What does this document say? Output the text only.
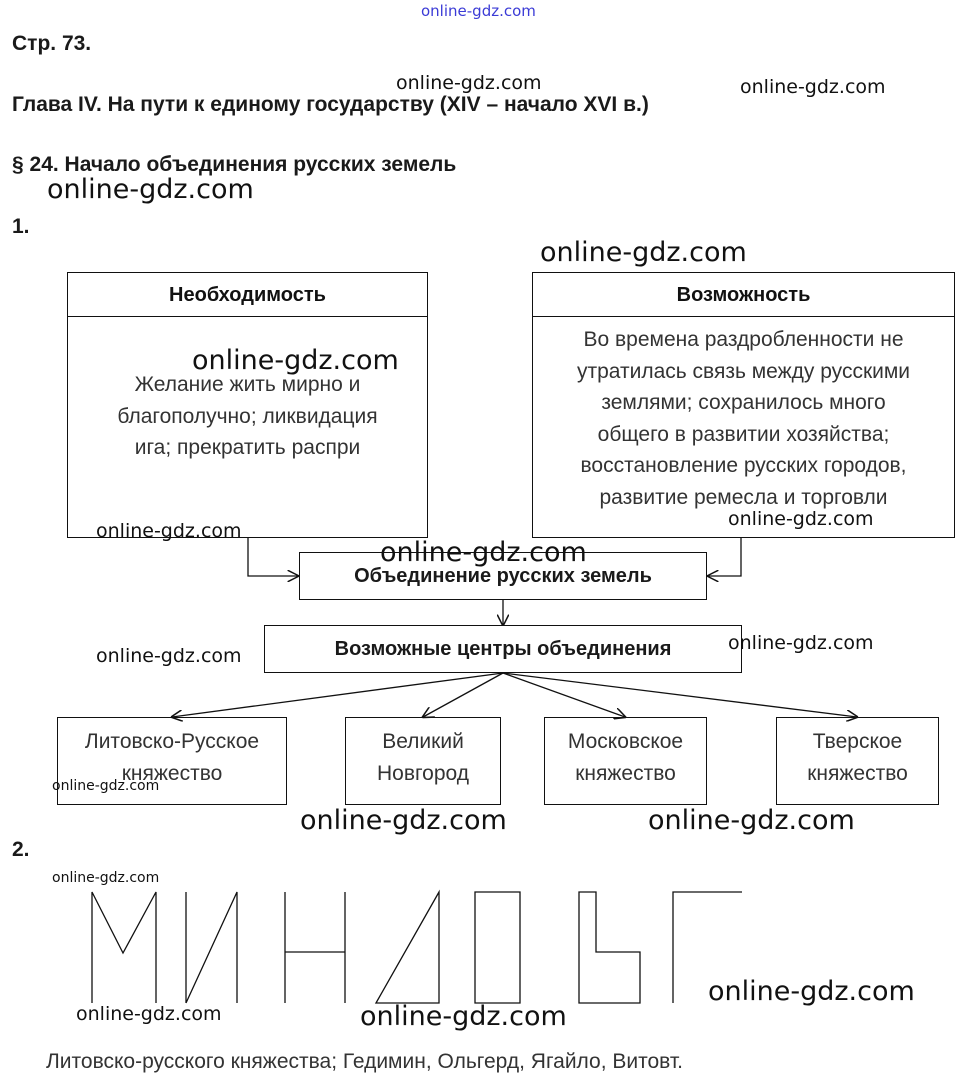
online-gdz.com
Стр. 73.
Глава IV. На пути к единому государству (XIV – начало XVI в.)
§ 24. Начало объединения русских земель
1.
Необходимость
Желание жить мирно и
благополучно; ликвидация
ига; прекратить распри
Возможность
Во времена раздробленности не
утратилась связь между русскими
землями; сохранилось много
общего в развитии хозяйства;
восстановление русских городов,
развитие ремесла и торговли
Объединение русских земель
Возможные центры объединения
Литовско-Русское
княжество
Великий
Новгород
Московское
княжество
Тверское
княжество
2.
Литовско-русского княжества; Гедимин, Ольгерд, Ягайло, Витовт.
online-gdz.com	online-gdz.com
online-gdz.com
online-gdz.com
online-gdz.com
online-gdz.com
online-gdz.com
online-gdz.com
online-gdz.com
online-gdz.com
online-gdz.com
online-gdz.com	online-gdz.com
online-gdz.com
online-gdz.com
online-gdz.com	online-gdz.com
